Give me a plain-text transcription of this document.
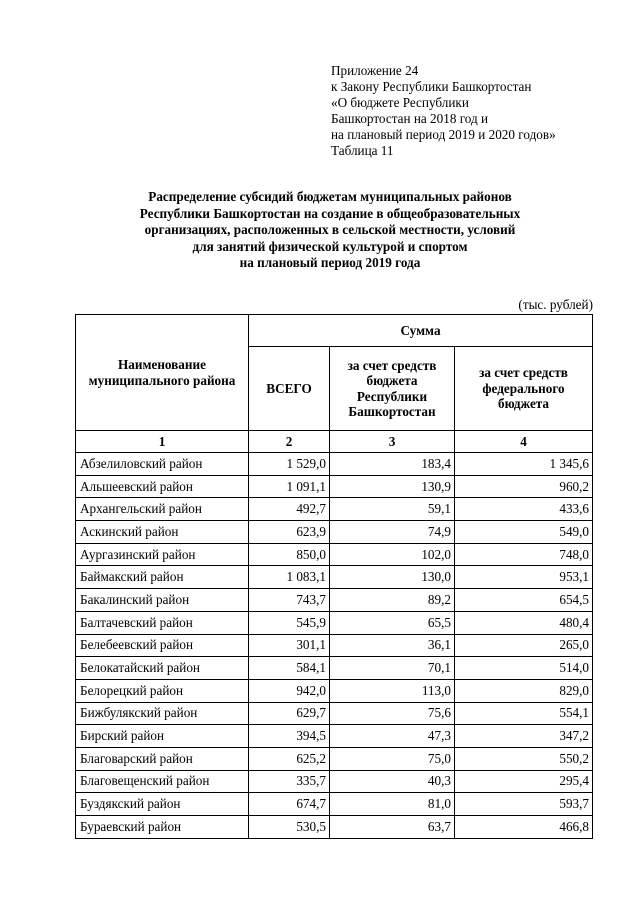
Приложение 24
к Закону Республики Башкортостан
«О бюджете Республики
Башкортостан на 2018 год и
на плановый период 2019 и 2020 годов»
Таблица 11
Распределение субсидий бюджетам муниципальных районов
Республики Башкортостан на создание в общеобразовательных
организациях, расположенных в сельской местности, условий
для занятий физической культурой и спортом
на плановый период 2019 года
(тыс. рублей)
Наименование муниципального района	Сумма		
	ВСЕГО	за счет средств бюджета Республики Башкортостан	за счет средств федерального бюджета
1	2	3	4
Абзелиловский район	1 529,0	183,4	1 345,6
Альшеевский район	1 091,1	130,9	960,2
Архангельский район	492,7	59,1	433,6
Аскинский район	623,9	74,9	549,0
Аургазинский район	850,0	102,0	748,0
Баймакский район	1 083,1	130,0	953,1
Бакалинский район	743,7	89,2	654,5
Балтачевский район	545,9	65,5	480,4
Белебеевский район	301,1	36,1	265,0
Белокатайский район	584,1	70,1	514,0
Белорецкий район	942,0	113,0	829,0
Бижбулякский район	629,7	75,6	554,1
Бирский район	394,5	47,3	347,2
Благоварский район	625,2	75,0	550,2
Благовещенский район	335,7	40,3	295,4
Буздякский район	674,7	81,0	593,7
Бураевский район	530,5	63,7	466,8
